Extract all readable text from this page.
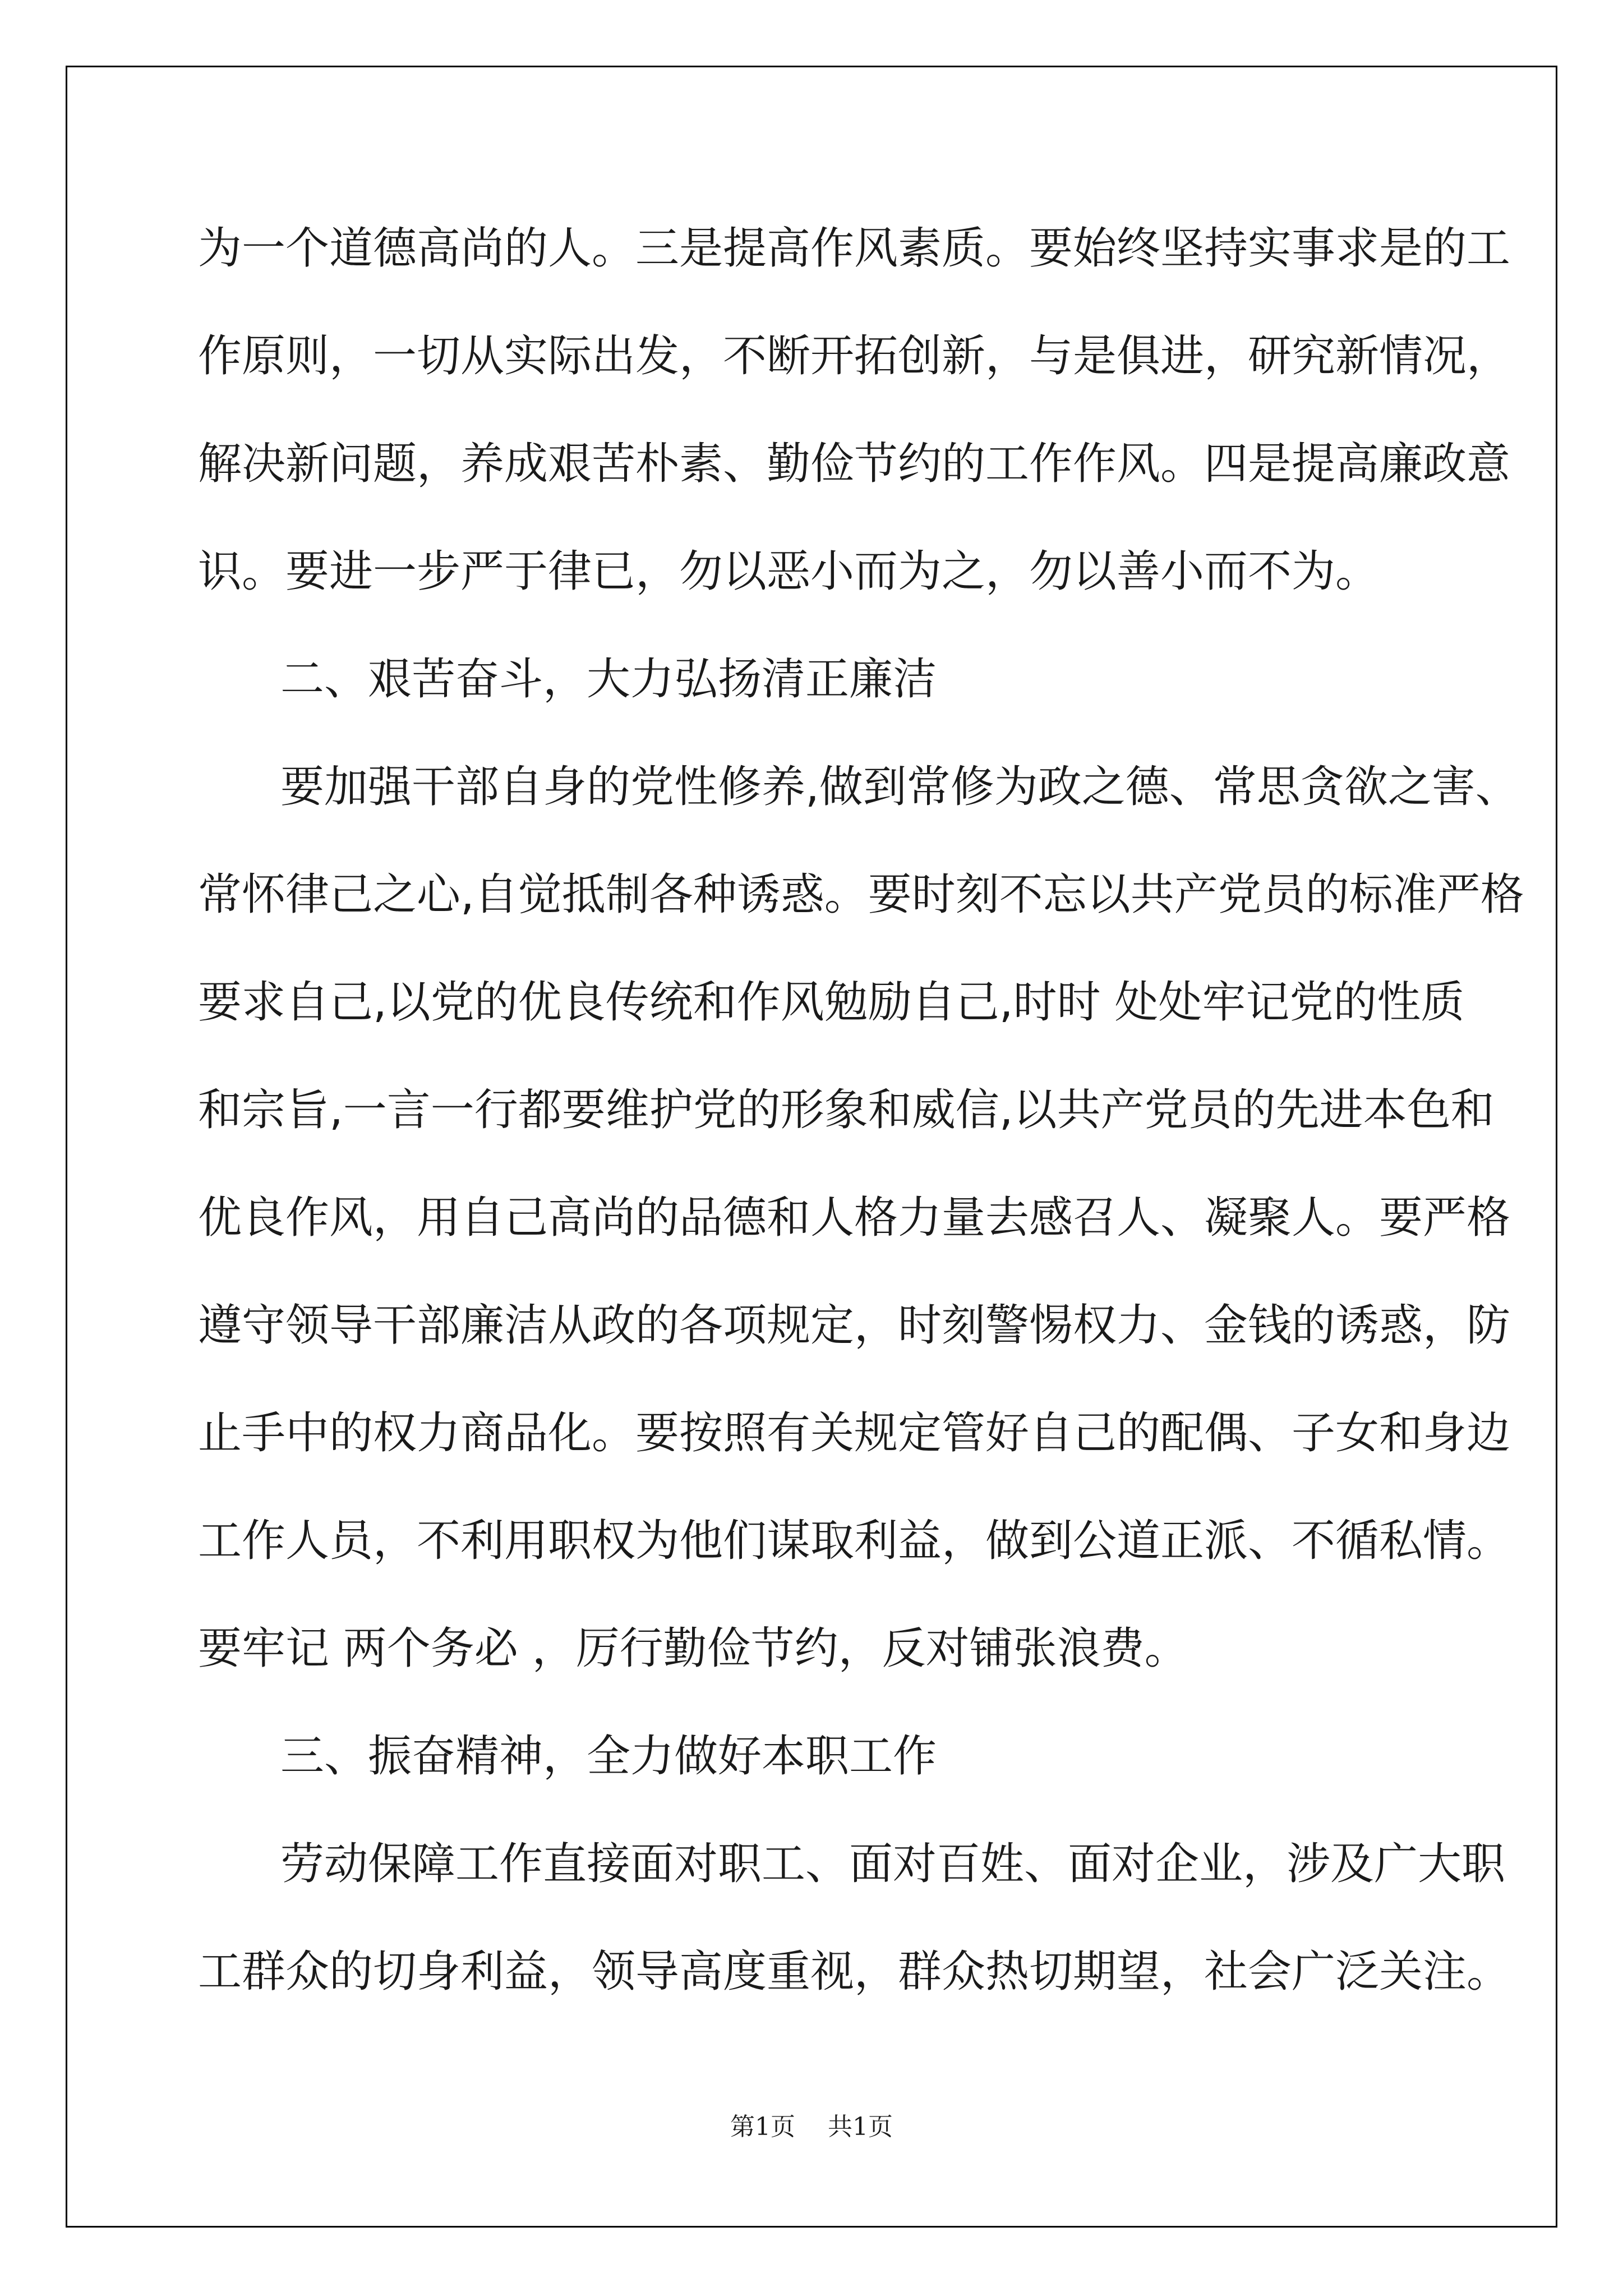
为一个道德高尚的人。三是提高作风素质。要始终坚持实事求是的工

作原则，一切从实际出发，不断开拓创新，与是俱进，研究新情况，

解决新问题，养成艰苦朴素、勤俭节约的工作作风。四是提高廉政意

识。要进一步严于律已，勿以恶小而为之，勿以善小而不为。

二、艰苦奋斗，大力弘扬清正廉洁

要加强干部自身的党性修养,做到常修为政之德、常思贪欲之害、

常怀律己之心,自觉抵制各种诱惑。要时刻不忘以共产党员的标准严格

要求自己,以党的优良传统和作风勉励自己,时时 处处牢记党的性质

和宗旨,一言一行都要维护党的形象和威信,以共产党员的先进本色和

优良作风，用自己高尚的品德和人格力量去感召人、凝聚人。要严格

遵守领导干部廉洁从政的各项规定，时刻警惕权力、金钱的诱惑，防

止手中的权力商品化。要按照有关规定管好自己的配偶、子女和身边

工作人员，不利用职权为他们谋取利益，做到公道正派、不循私情。

要牢记 两个务必 ，厉行勤俭节约，反对铺张浪费。

三、振奋精神，全力做好本职工作

劳动保障工作直接面对职工、面对百姓、面对企业，涉及广大职

工群众的切身利益，领导高度重视，群众热切期望，社会广泛关注。

第1页 共1页
